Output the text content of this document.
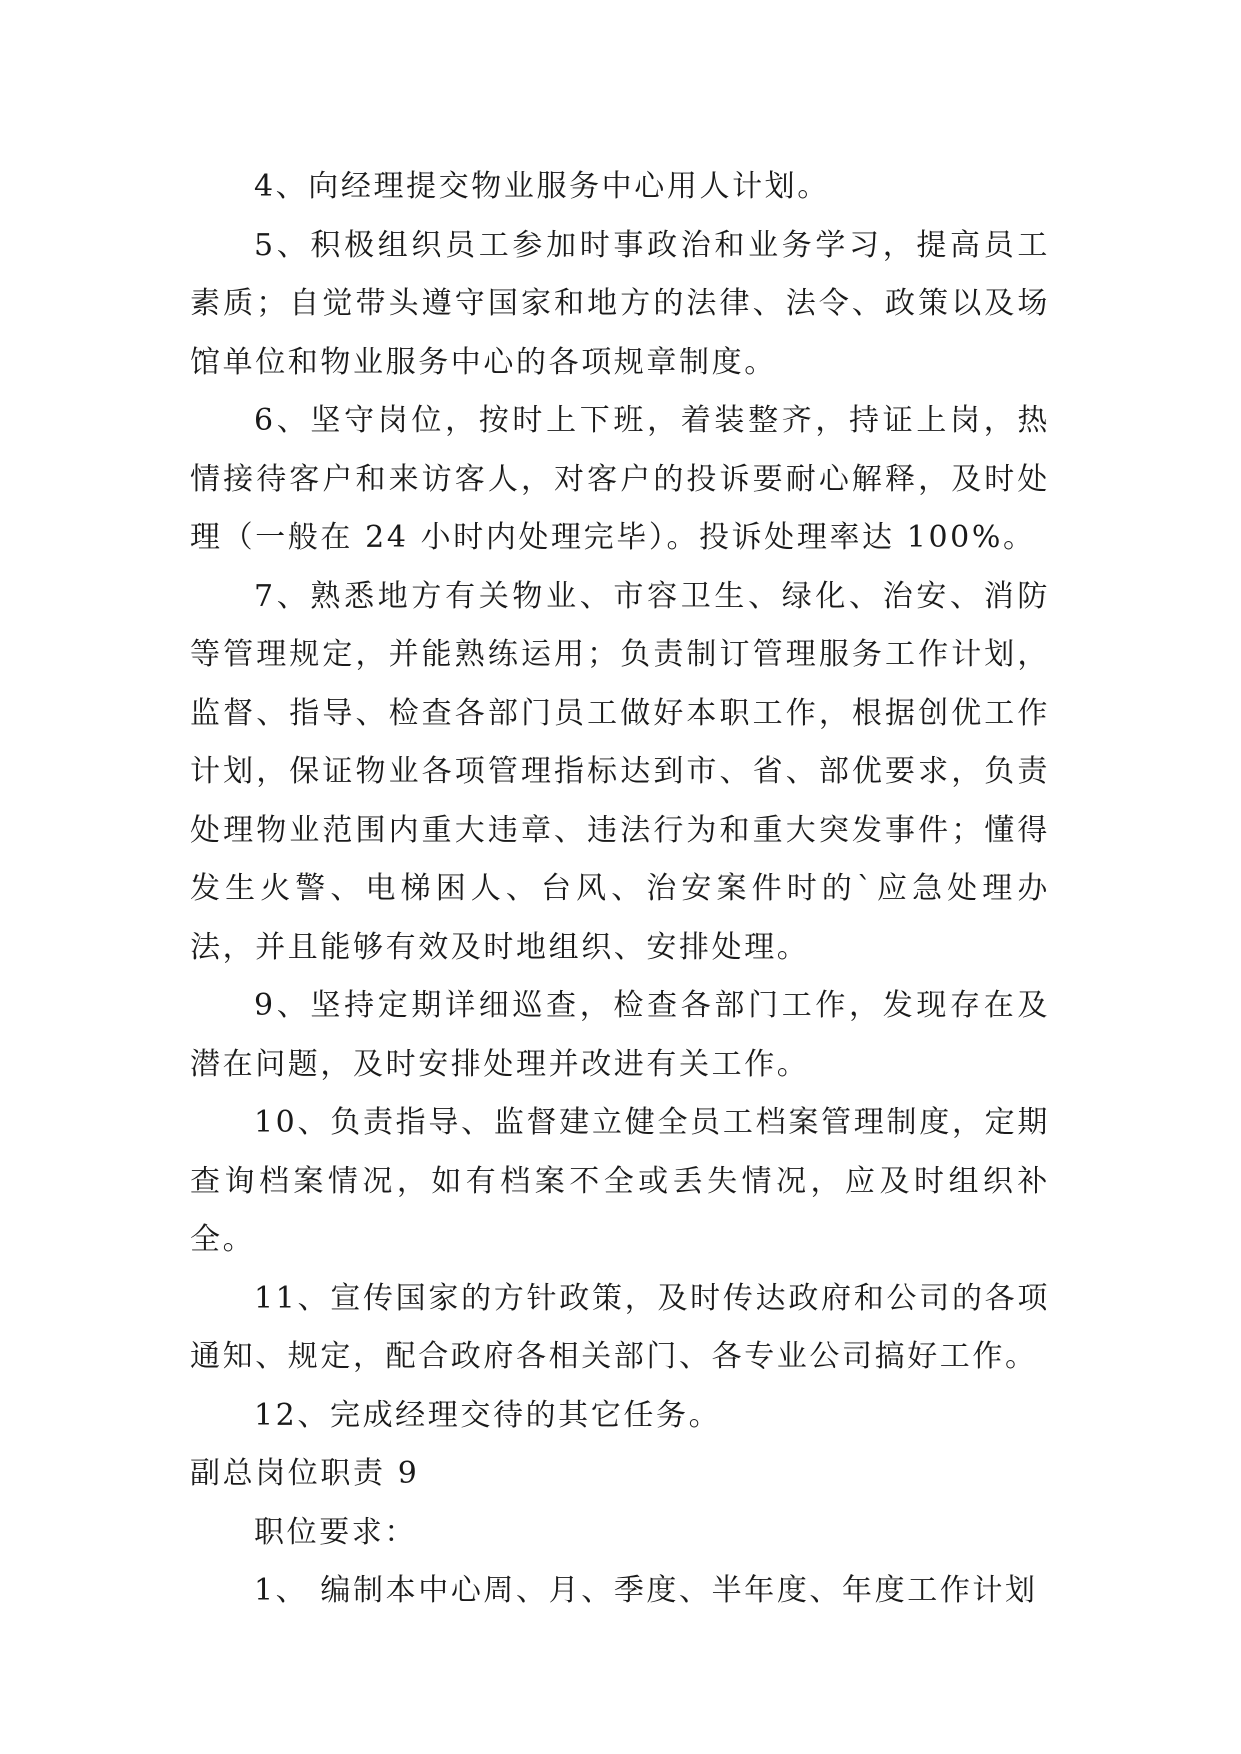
4、向经理提交物业服务中心用人计划。

5、积极组织员工参加时事政治和业务学习，提高员工素质；自觉带头遵守国家和地方的法律、法令、政策以及场馆单位和物业服务中心的各项规章制度。

6、坚守岗位，按时上下班，着装整齐，持证上岗，热情接待客户和来访客人，对客户的投诉要耐心解释，及时处理（一般在 24 小时内处理完毕）。投诉处理率达 100%。

7、熟悉地方有关物业、市容卫生、绿化、治安、消防等管理规定，并能熟练运用；负责制订管理服务工作计划，监督、指导、检查各部门员工做好本职工作，根据创优工作计划，保证物业各项管理指标达到市、省、部优要求，负责处理物业范围内重大违章、违法行为和重大突发事件；懂得发生火警、电梯困人、台风、治安案件时的`应急处理办法，并且能够有效及时地组织、安排处理。

9、坚持定期详细巡查，检查各部门工作，发现存在及潜在问题，及时安排处理并改进有关工作。

10、负责指导、监督建立健全员工档案管理制度，定期查询档案情况，如有档案不全或丢失情况，应及时组织补全。

11、宣传国家的方针政策，及时传达政府和公司的各项通知、规定，配合政府各相关部门、各专业公司搞好工作。

12、完成经理交待的其它任务。

副总岗位职责 9

职位要求：

1、 编制本中心周、月、季度、半年度、年度工作计划
